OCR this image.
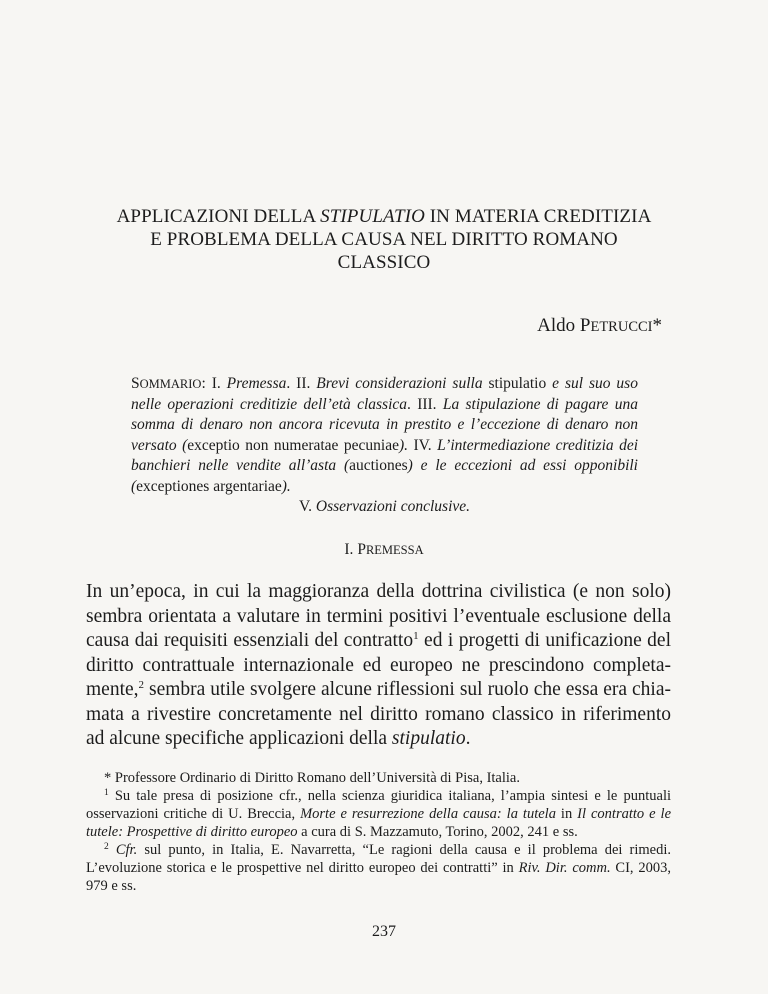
APPLICAZIONI DELLA STIPULATIO IN MATERIA CREDITIZIA
E PROBLEMA DELLA CAUSA NEL DIRITTO ROMANO
CLASSICO
Aldo PETRUCCI*
SOMMARIO: I. Premessa. II. Brevi considerazioni sulla stipulatio e sul suo uso nelle operazioni creditizie dell’età classica. III. La stipulazione di pagare una somma di denaro non ancora ricevuta in prestito e l’eccezione di denaro non versato (exceptio non numeratae pecuniae). IV. L’intermediazione creditizia dei banchieri nelle vendite all’asta (auctiones) e le eccezioni ad essi opponibili (exceptiones argentariae).
V. Osservazioni conclusive.
I. PREMESSA
In un’epoca, in cui la maggioranza della dottrina civilistica (e non solo) sembra orientata a valutare in termini positivi l’eventuale esclusione della causa dai requisiti essenziali del contratto$^1$ ed i progetti di unificazione del diritto contrattuale internazionale ed europeo ne prescindono completamente,$^2$ sembra utile svolgere alcune riflessioni sul ruolo che essa era chiamata a rivestire concretamente nel diritto romano classico in riferimento ad alcune specifiche applicazioni della stipulatio.

* Professore Ordinario di Diritto Romano dell’Università di Pisa, Italia.

$^1$ Su tale presa di posizione cfr., nella scienza giuridica italiana, l’ampia sintesi e le puntuali osservazioni critiche di U. Breccia, Morte e resurrezione della causa: la tutela in Il contratto e le tutele: Prospettive di diritto europeo a cura di S. Mazzamuto, Torino, 2002, 241 e ss.

$^2$ Cfr. sul punto, in Italia, E. Navarretta, “Le ragioni della causa e il problema dei rimedi. L’evoluzione storica e le prospettive nel diritto europeo dei contratti” in Riv. Dir. comm. CI, 2003, 979 e ss.

237
